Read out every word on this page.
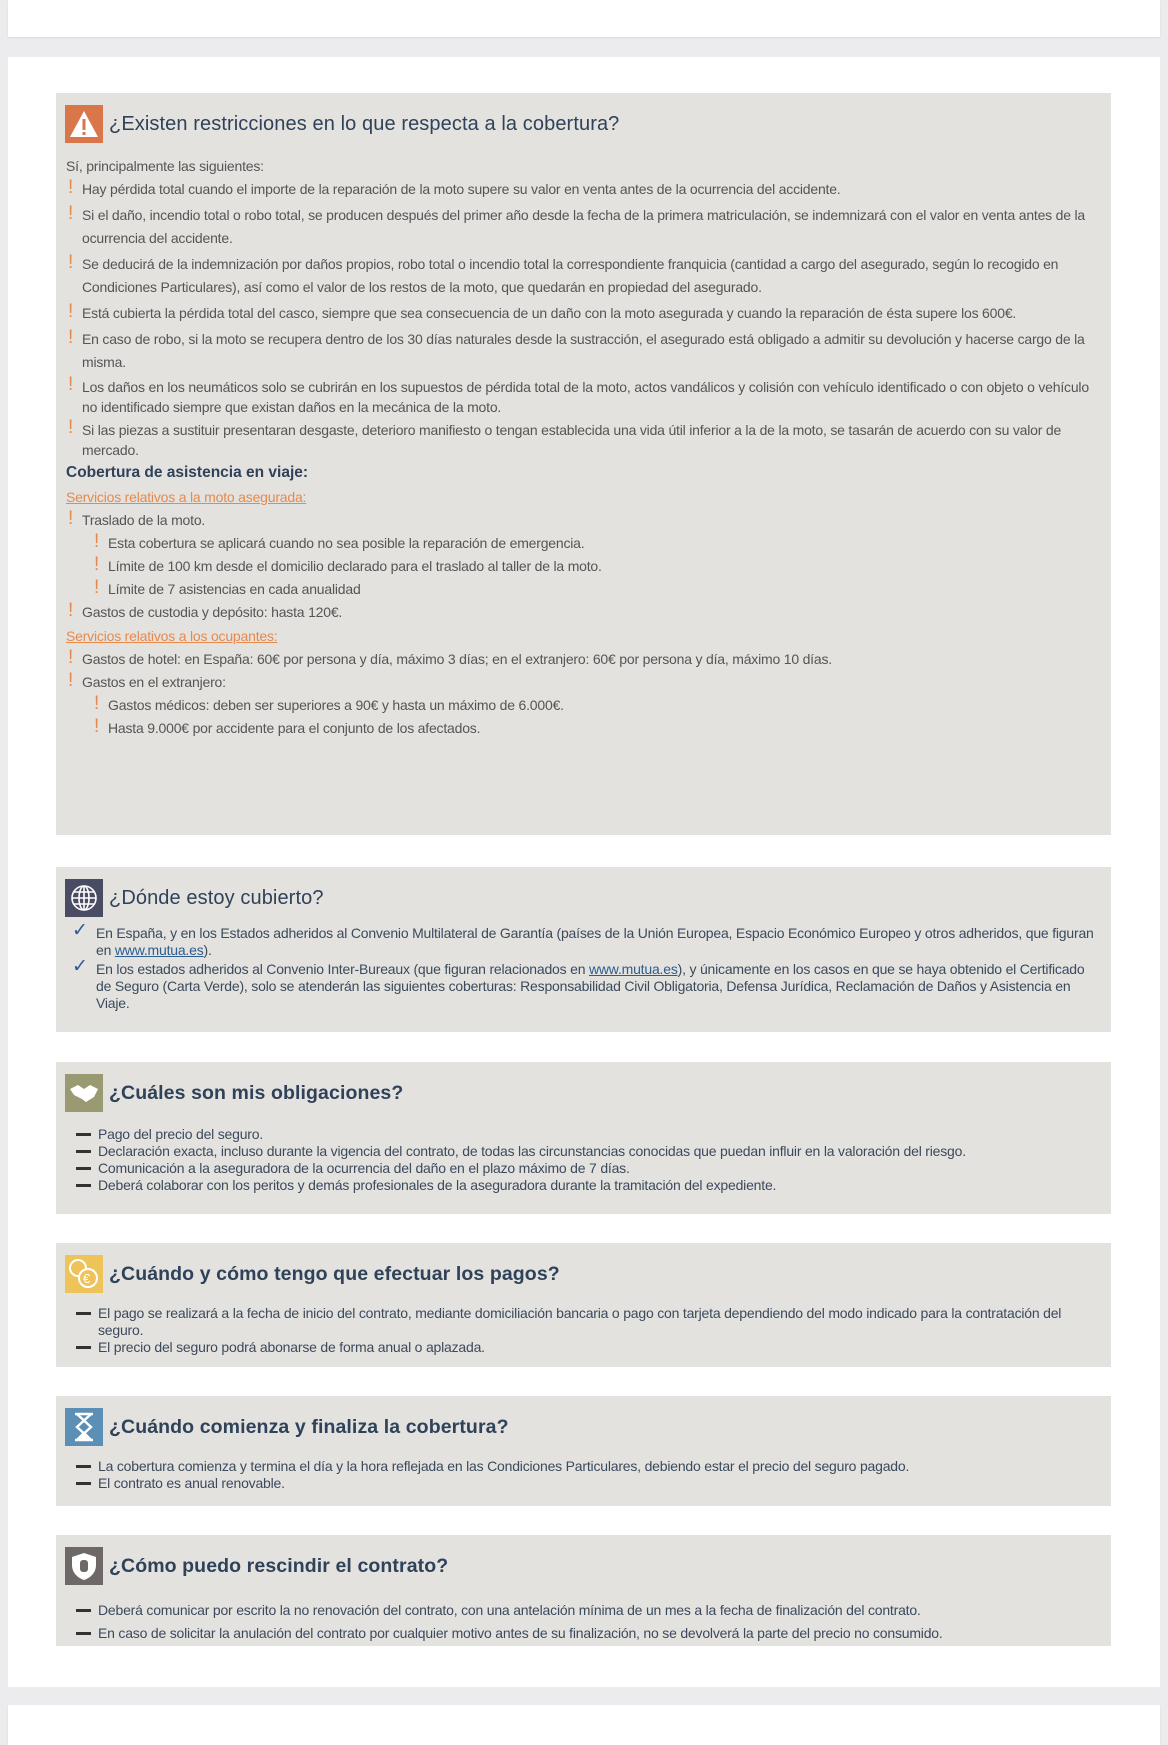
¿Existen restricciones en lo que respecta a la cobertura?
Sí, principalmente las siguientes:
! Hay pérdida total cuando el importe de la reparación de la moto supere su valor en venta antes de la ocurrencia del accidente.
! Si el daño, incendio total o robo total, se producen después del primer año desde la fecha de la primera matriculación, se indemnizará con el valor en venta antes de la ocurrencia del accidente.
! Se deducirá de la indemnización por daños propios, robo total o incendio total la correspondiente franquicia (cantidad a cargo del asegurado, según lo recogido en Condiciones Particulares), así como el valor de los restos de la moto, que quedarán en propiedad del asegurado.
! Está cubierta la pérdida total del casco, siempre que sea consecuencia de un daño con la moto asegurada y cuando la reparación de ésta supere los 600€.
! En caso de robo, si la moto se recupera dentro de los 30 días naturales desde la sustracción, el asegurado está obligado a admitir su devolución y hacerse cargo de la misma.
! Los daños en los neumáticos solo se cubrirán en los supuestos de pérdida total de la moto, actos vandálicos y colisión con vehículo identificado o con objeto o vehículo no identificado siempre que existan daños en la mecánica de la moto.
! Si las piezas a sustituir presentaran desgaste, deterioro manifiesto o tengan establecida una vida útil inferior a la de la moto, se tasarán de acuerdo con su valor de mercado.
Cobertura de asistencia en viaje:
Servicios relativos a la moto asegurada:
! Traslado de la moto.
! Esta cobertura se aplicará cuando no sea posible la reparación de emergencia.
! Límite de 100 km desde el domicilio declarado para el traslado al taller de la moto.
! Límite de 7 asistencias en cada anualidad
! Gastos de custodia y depósito: hasta 120€.
Servicios relativos a los ocupantes:
! Gastos de hotel: en España: 60€ por persona y día, máximo 3 días; en el extranjero: 60€ por persona y día, máximo 10 días.
! Gastos en el extranjero:
! Gastos médicos: deben ser superiores a 90€ y hasta un máximo de 6.000€.
! Hasta 9.000€ por accidente para el conjunto de los afectados.
¿Dónde estoy cubierto?
✓ En España, y en los Estados adheridos al Convenio Multilateral de Garantía (países de la Unión Europea, Espacio Económico Europeo y otros adheridos, que figuran en www.mutua.es).
✓ En los estados adheridos al Convenio Inter-Bureaux (que figuran relacionados en www.mutua.es), y únicamente en los casos en que se haya obtenido el Certificado de Seguro (Carta Verde), solo se atenderán las siguientes coberturas: Responsabilidad Civil Obligatoria, Defensa Jurídica, Reclamación de Daños y Asistencia en Viaje.
¿Cuáles son mis obligaciones?
Pago del precio del seguro.
Declaración exacta, incluso durante la vigencia del contrato, de todas las circunstancias conocidas que puedan influir en la valoración del riesgo.
Comunicación a la aseguradora de la ocurrencia del daño en el plazo máximo de 7 días.
Deberá colaborar con los peritos y demás profesionales de la aseguradora durante la tramitación del expediente.
€ ¿Cuándo y cómo tengo que efectuar los pagos?
El pago se realizará a la fecha de inicio del contrato, mediante domiciliación bancaria o pago con tarjeta dependiendo del modo indicado para la contratación del seguro.
El precio del seguro podrá abonarse de forma anual o aplazada.
¿Cuándo comienza y finaliza la cobertura?
La cobertura comienza y termina el día y la hora reflejada en las Condiciones Particulares, debiendo estar el precio del seguro pagado.
El contrato es anual renovable.
¿Cómo puedo rescindir el contrato?
Deberá comunicar por escrito la no renovación del contrato, con una antelación mínima de un mes a la fecha de finalización del contrato.
En caso de solicitar la anulación del contrato por cualquier motivo antes de su finalización, no se devolverá la parte del precio no consumido.
